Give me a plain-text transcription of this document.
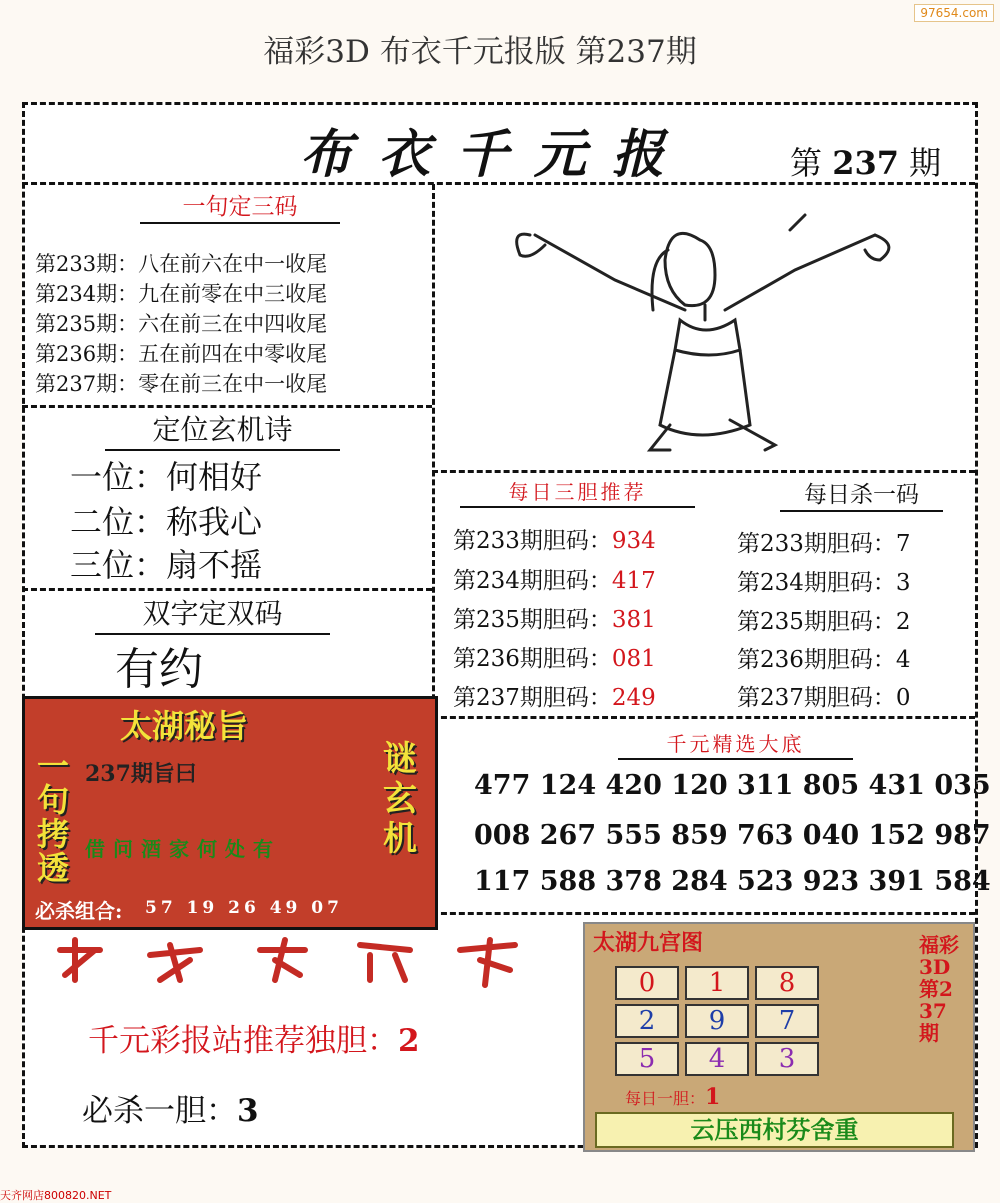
97654.com
福彩3D 布衣千元报版 第237期
布衣千元报	第 237 期
一句定三码
第233期：八在前六在中一收尾
第234期：九在前零在中三收尾
第235期：六在前三在中四收尾
第236期：五在前四在中零收尾
第237期：零在前三在中一收尾
定位玄机诗
一位：何相好
二位：称我心
三位：扇不摇
双字定双码
有约
每日三胆推荐
第233期胆码：934
第234期胆码：417
第235期胆码：381
第236期胆码：081
第237期胆码：249
每日杀一码
第233期胆码：7
第234期胆码：3
第235期胆码：2
第236期胆码：4
第237期胆码：0
千元精选大底
477 124 420 120 311 805 431 035
008 267 555 859 763 040 152 987
117 588 378 284 523 923 391 584
太湖秘旨
237期旨曰
一句拷透
谜玄机
借问酒家何处有
必杀组合: 57 19 26 49 07
千元彩报站推荐独胆：2
必杀一胆：3
太湖九宫图
0	1	8
2	9	7
5	4	3
福彩3D第237期
每日一胆：1
云压西村芬舍重
天齐网店800820.NET
